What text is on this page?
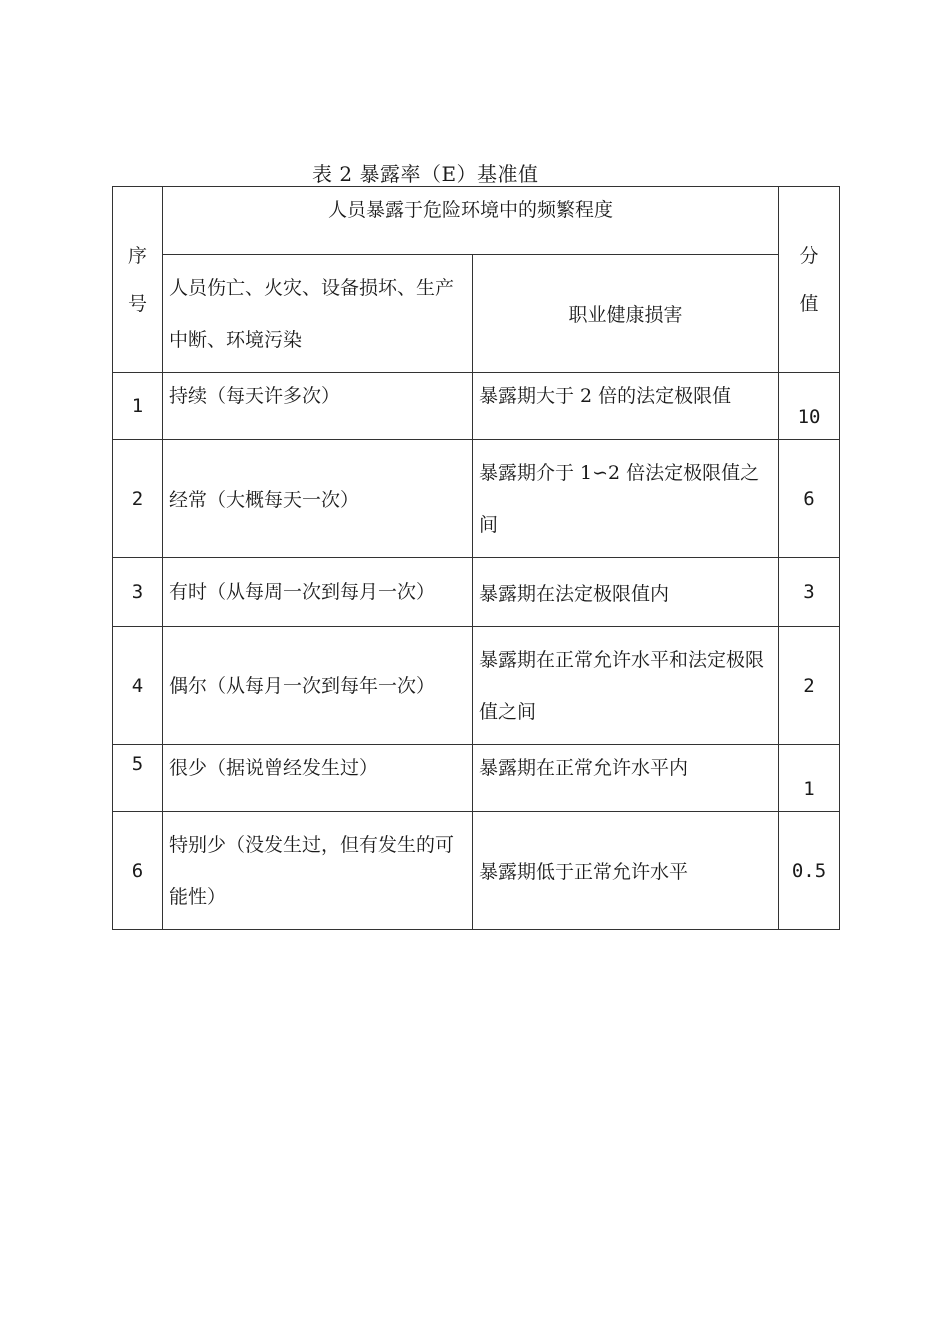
表 2 暴露率（E）基准值
序号	人员暴露于危险环境中的频繁程度		分值

	人员伤亡、火灾、设备损坏、生产中断、环境污染	职业健康损害	
1	持续（每天许多次）	暴露期大于 2 倍的法定极限值	10
2	经常（大概每天一次）	暴露期介于 1∽2 倍法定极限值之间	6
3	有时（从每周一次到每月一次）	暴露期在法定极限值内	3
4	偶尔（从每月一次到每年一次）	暴露期在正常允许水平和法定极限值之间	2
5	很少（据说曾经发生过）	暴露期在正常允许水平内	1
6	特别少（没发生过，但有发生的可能性）	暴露期低于正常允许水平	0.5
